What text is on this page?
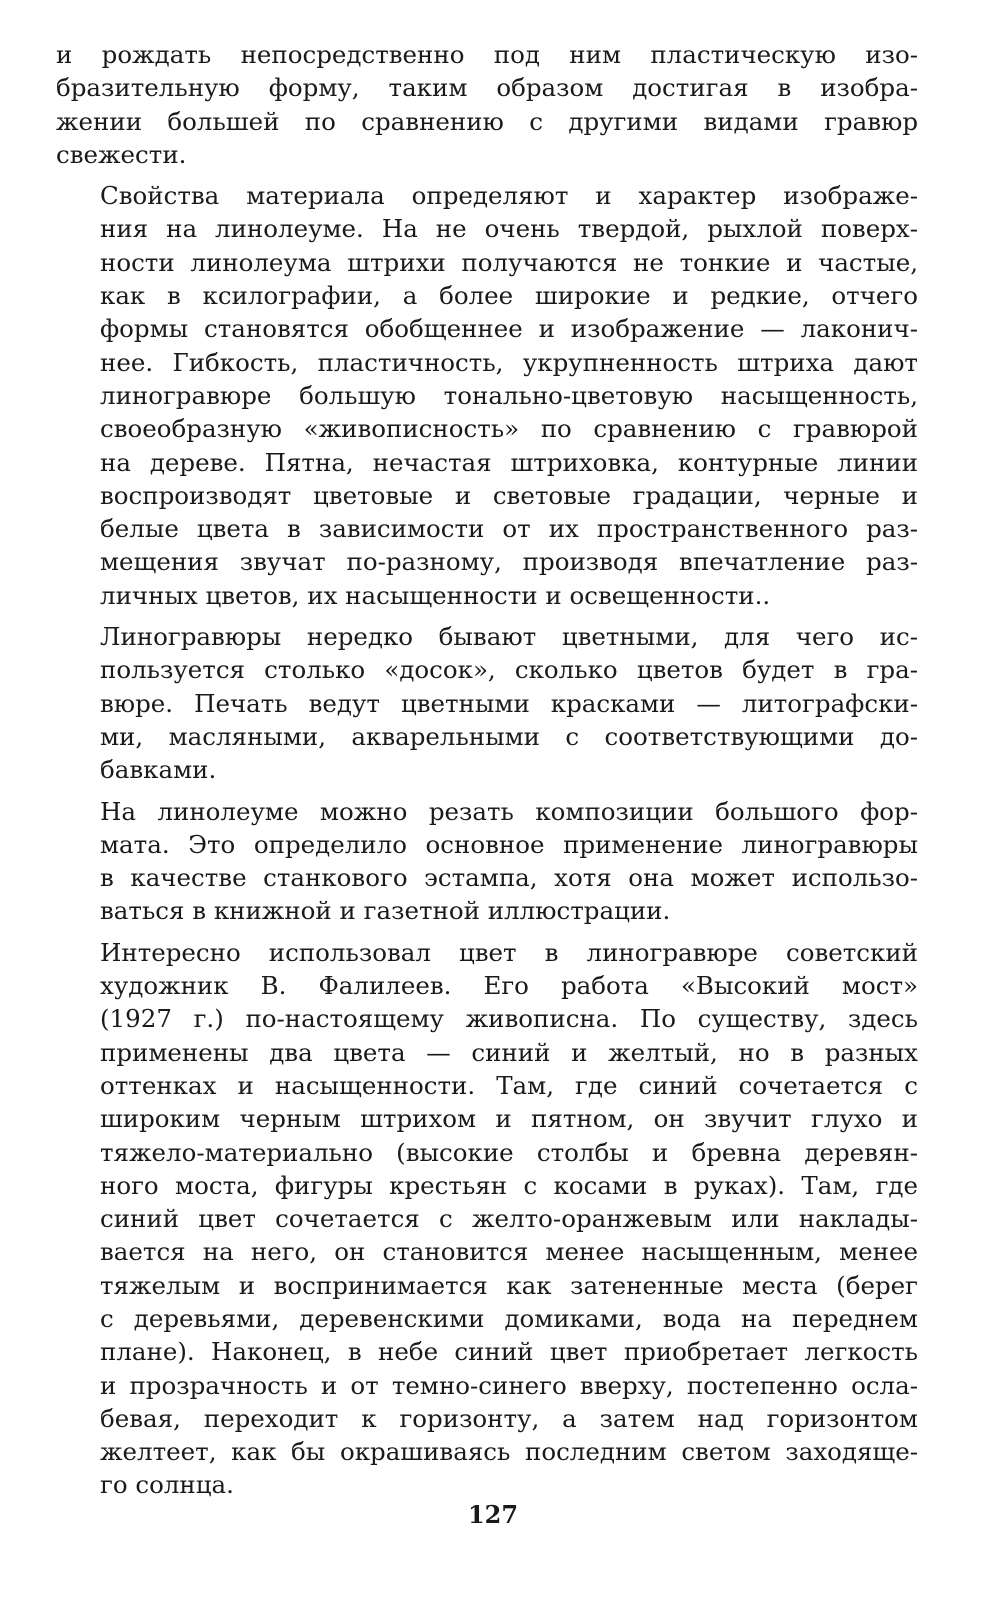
и рождать непосредственно под ним пластическую изо-
бразительную форму, таким образом достигая в изобра-
жении большей по сравнению с другими видами гравюр
свежести.

Свойства материала определяют и характер изображе-
ния на линолеуме. На не очень твердой, рыхлой поверх-
ности линолеума штрихи получаются не тонкие и частые,
как в ксилографии, а более широкие и редкие, отчего
формы становятся обобщеннее и изображение — лаконич-
нее. Гибкость, пластичность, укрупненность штриха дают
линогравюре большую тонально-цветовую насыщенность,
своеобразную «живописность» по сравнению с гравюрой
на дереве. Пятна, нечастая штриховка, контурные линии
воспроизводят цветовые и световые градации, черные и
белые цвета в зависимости от их пространственного раз-
мещения звучат по-разному, производя впечатление раз-
личных цветов, их насыщенности и освещенности..

Линогравюры нередко бывают цветными, для чего ис-
пользуется столько «досок», сколько цветов будет в гра-
вюре. Печать ведут цветными красками — литографски-
ми, масляными, акварельными с соответствующими до-
бавками.

На линолеуме можно резать композиции большого фор-
мата. Это определило основное применение линогравюры
в качестве станкового эстампа, хотя она может использо-
ваться в книжной и газетной иллюстрации.

Интересно использовал цвет в линогравюре советский
художник В. Фалилеев. Его работа «Высокий мост»
(1927 г.) по-настоящему живописна. По существу, здесь
применены два цвета — синий и желтый, но в разных
оттенках и насыщенности. Там, где синий сочетается с
широким черным штрихом и пятном, он звучит глухо и
тяжело-материально (высокие столбы и бревна деревян-
ного моста, фигуры крестьян с косами в руках). Там, где
синий цвет сочетается с желто-оранжевым или наклады-
вается на него, он становится менее насыщенным, менее
тяжелым и воспринимается как затененные места (берег
с деревьями, деревенскими домиками, вода на переднем
плане). Наконец, в небе синий цвет приобретает легкость
и прозрачность и от темно-синего вверху, постепенно осла-
бевая, переходит к горизонту, а затем над горизонтом
желтеет, как бы окрашиваясь последним светом заходяще-
го солнца.

127
